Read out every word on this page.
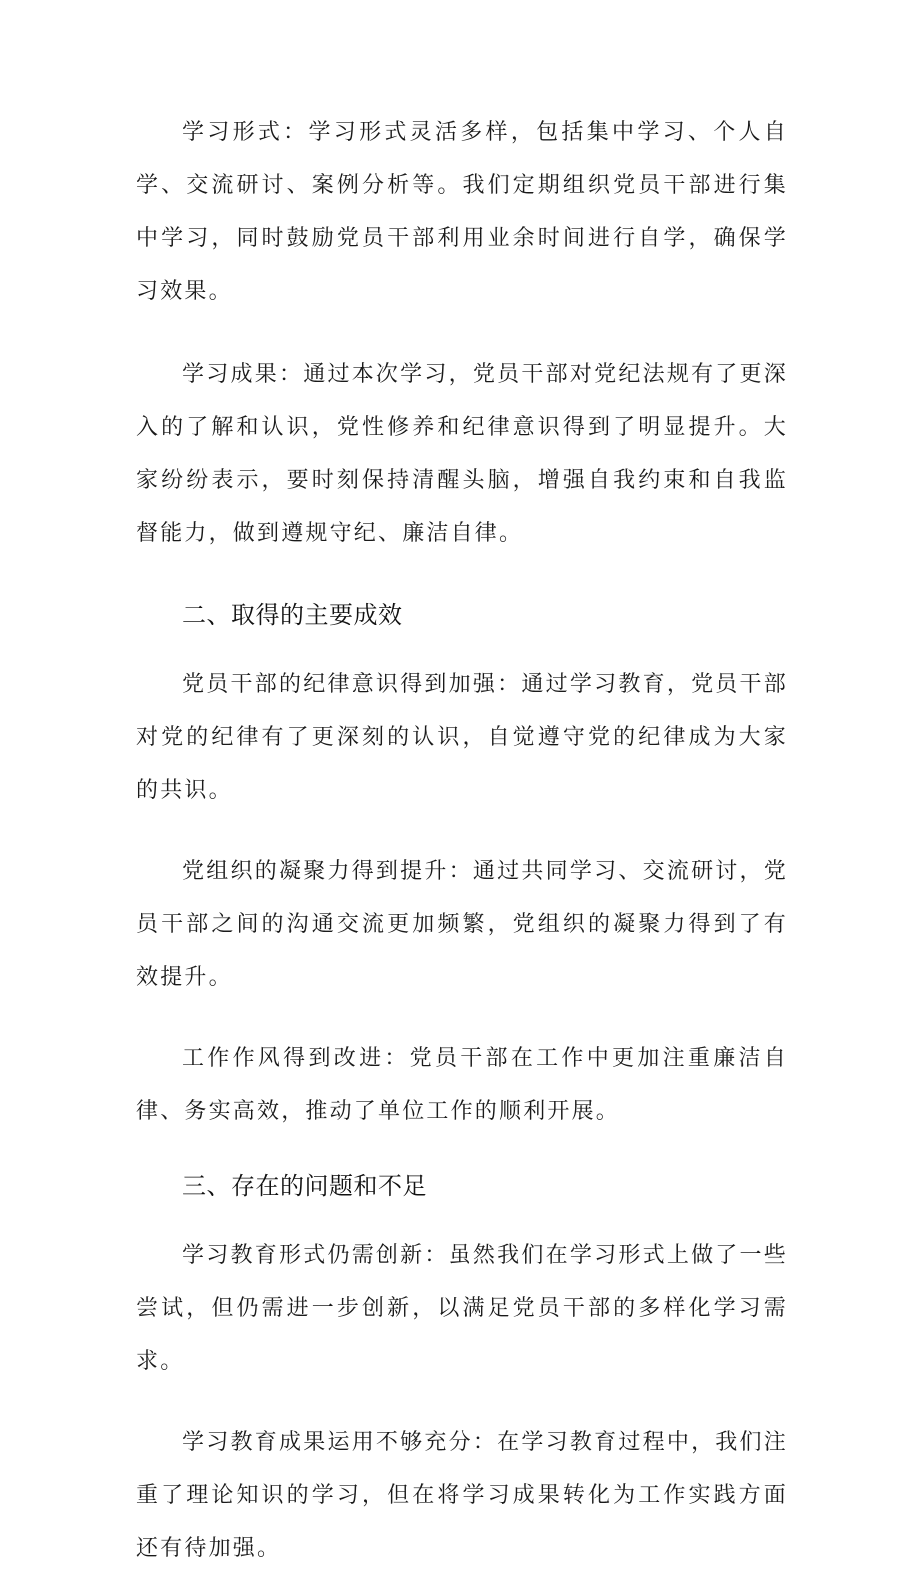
学习形式：学习形式灵活多样，包括集中学习、个人自学、交流研讨、案例分析等。我们定期组织党员干部进行集中学习，同时鼓励党员干部利用业余时间进行自学，确保学习效果。

学习成果：通过本次学习，党员干部对党纪法规有了更深入的了解和认识，党性修养和纪律意识得到了明显提升。大家纷纷表示，要时刻保持清醒头脑，增强自我约束和自我监督能力，做到遵规守纪、廉洁自律。

二、取得的主要成效

党员干部的纪律意识得到加强：通过学习教育，党员干部对党的纪律有了更深刻的认识，自觉遵守党的纪律成为大家的共识。

党组织的凝聚力得到提升：通过共同学习、交流研讨，党员干部之间的沟通交流更加频繁，党组织的凝聚力得到了有效提升。

工作作风得到改进：党员干部在工作中更加注重廉洁自律、务实高效，推动了单位工作的顺利开展。

三、存在的问题和不足

学习教育形式仍需创新：虽然我们在学习形式上做了一些尝试，但仍需进一步创新，以满足党员干部的多样化学习需求。

学习教育成果运用不够充分：在学习教育过程中，我们注重了理论知识的学习，但在将学习成果转化为工作实践方面还有待加强。
